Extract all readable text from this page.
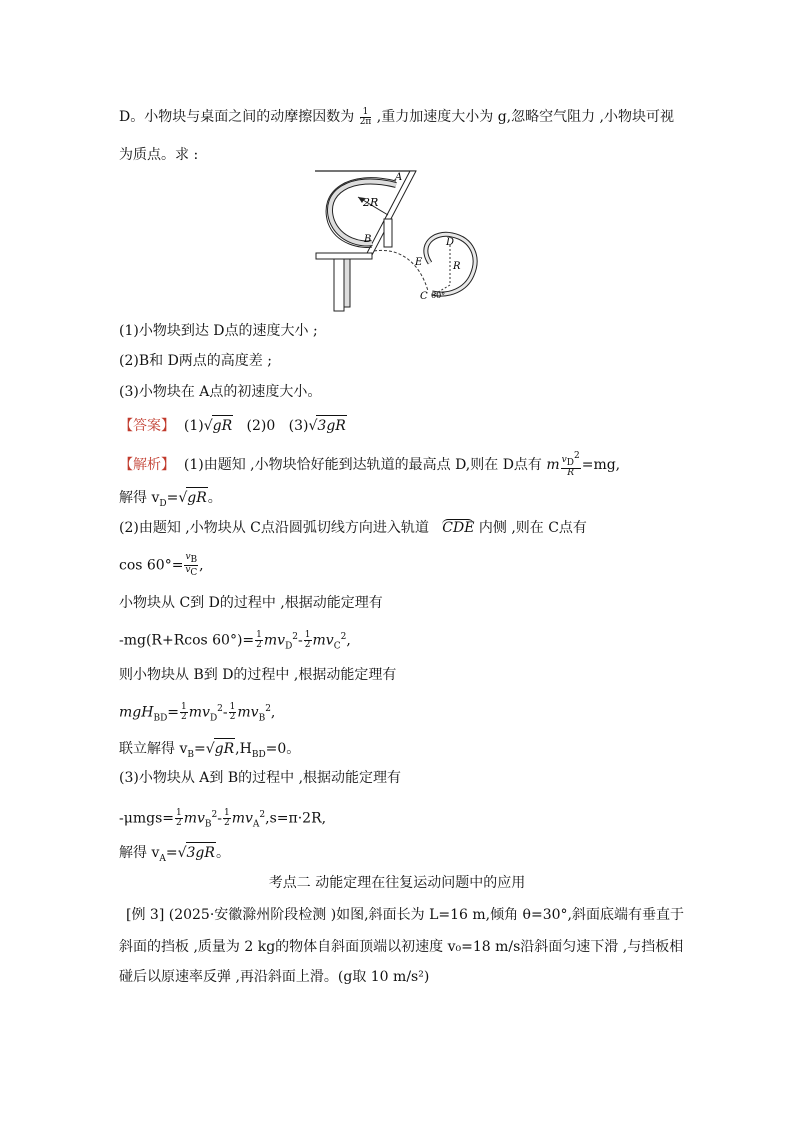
D。小物块与桌面之间的动摩擦因数为 $\frac{1}{2\pi}$ ,重力加速度大小为 g,忽略空气阻力 ,小物块可视
为质点。求 :
A
2R
B	D
E	R
C 60°
(1)小物块到达 D点的速度大小 ;
(2)B和 D两点的高度差 ;
(3)小物块在 A点的初速度大小。
【答案】 (1)√gR (2)0 (3)√3gR
【解析】 (1)由题知 ,小物块恰好能到达轨道的最高点 D,则在 D点有 m $\frac{v_D^2}{R} =mg$,
解得 $v_D=√gR$。
(2)由题知 ,小物块从 C点沿圆弧切线方向进入轨道 CDE 内侧 ,则在 C点有
$\cos 60^\circ= \frac{v_B}{v_C}$ ,
小物块从 C到 D的过程中 ,根据动能定理有
-mg(R+Rcos $60^\circ)= \frac{1}{2} mv_D^2- \frac{1}{2} mv_C^2$,
则小物块从 B到 D的过程中 ,根据动能定理有
$mgH_{BD}= \frac{1}{2} mv_D^2- \frac{1}{2} mv_B^2$,
联立解得 $v_B=√gR,H_{BD}=0$。
(3)小物块从 A到 B的过程中 ,根据动能定理有
$-\mu mgs= \frac{1}{2} mv_B^2- \frac{1}{2} mv_A^2,s=\pi\cdot 2R$,
解得 $v_A=√3gR$。
考点二 动能定理在往复运动问题中的应用
[例 3] (2025·安徽滁州阶段检测 )如图,斜面长为 L=16 m,倾角 θ=30°,斜面底端有垂直于
斜面的挡板 ,质量为 2 kg的物体自斜面顶端以初速度 v₀=18 m/s沿斜面匀速下滑 ,与挡板相
碰后以原速率反弹 ,再沿斜面上滑。(g取 10 m/s²)
